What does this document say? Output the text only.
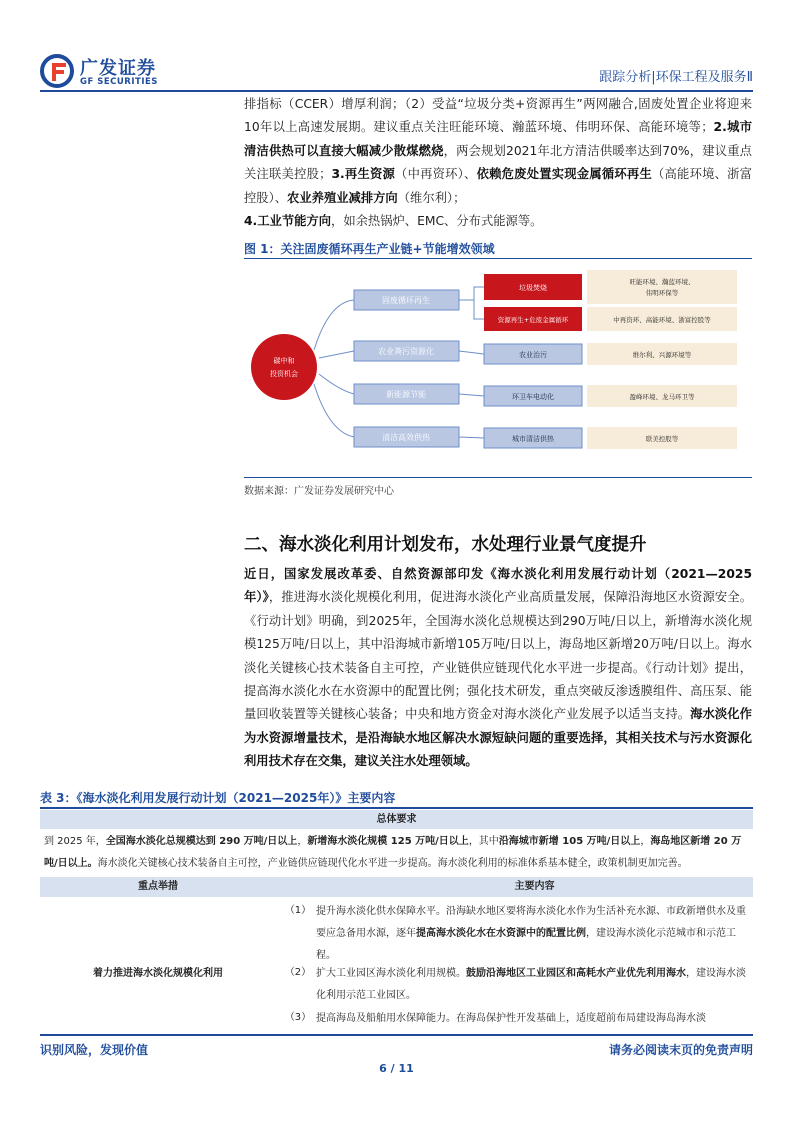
广发证券
GF SECURITIES	跟踪分析|环保工程及服务Ⅱ
排指标（CCER）增厚利润；（2）受益“垃圾分类+资源再生”两网融合,固废处置企业将迎来10年以上高速发展期。建议重点关注旺能环境、瀚蓝环境、伟明环保、高能环境等；2.城市清洁供热可以直接大幅减少散煤燃烧，两会规划2021年北方清洁供暖率达到70%，建议重点关注联美控股；3.再生资源（中再资环）、依赖危废处置实现金属循环再生（高能环境、浙富控股）、农业养殖业减排方向（维尔利）；
4.工业节能方向，如余热锅炉、EMC、分布式能源等。
图 1：关注固废循环再生产业链+节能增效领域
碳中和
投资机会
固废循环再生
农业粪污资源化
新能源节能
清洁高效供热
垃圾焚烧
资源再生+危废金属循环
农业治污
环卫车电动化
城市清洁供热
旺能环境、瀚蓝环境、
伟明环保等
中再资环、高能环境、浙富控股等
维尔利、兴源环境等
盈峰环境、龙马环卫等
联美控股等
数据来源：广发证券发展研究中心
二、海水淡化利用计划发布，水处理行业景气度提升
近日，国家发展改革委、自然资源部印发《海水淡化利用发展行动计划（2021—2025年）》，推进海水淡化规模化利用，促进海水淡化产业高质量发展，保障沿海地区水资源安全。《行动计划》明确，到2025年，全国海水淡化总规模达到290万吨/日以上，新增海水淡化规模125万吨/日以上，其中沿海城市新增105万吨/日以上，海岛地区新增20万吨/日以上。海水淡化关键核心技术装备自主可控，产业链供应链现代化水平进一步提高。《行动计划》提出，提高海水淡化水在水资源中的配置比例；强化技术研发，重点突破反渗透膜组件、高压泵、能量回收装置等关键核心装备；中央和地方资金对海水淡化产业发展予以适当支持。海水淡化作为水资源增量技术，是沿海缺水地区解决水源短缺问题的重要选择，其相关技术与污水资源化利用技术存在交集，建议关注水处理领域。
表 3：《海水淡化利用发展行动计划（2021—2025年）》主要内容
总体要求
到 2025 年，全国海水淡化总规模达到 290 万吨/日以上，新增海水淡化规模 125 万吨/日以上，其中沿海城市新增 105 万吨/日以上，海岛地区新增 20 万吨/日以上。海水淡化关键核心技术装备自主可控，产业链供应链现代化水平进一步提高。海水淡化利用的标准体系基本健全，政策机制更加完善。
重点举措	主要内容
着力推进海水淡化规模化利用
（1） 提升海水淡化供水保障水平。沿海缺水地区要将海水淡化水作为生活补充水源、市政新增供水及重要应急备用水源，逐年提高海水淡化水在水资源中的配置比例，建设海水淡化示范城市和示范工程。
（2） 扩大工业园区海水淡化利用规模。鼓励沿海地区工业园区和高耗水产业优先利用海水，建设海水淡化利用示范工业园区。
（3） 提高海岛及船舶用水保障能力。在海岛保护性开发基础上，适度超前布局建设海岛海水淡
识别风险，发现价值	请务必阅读末页的免责声明
6 / 11
